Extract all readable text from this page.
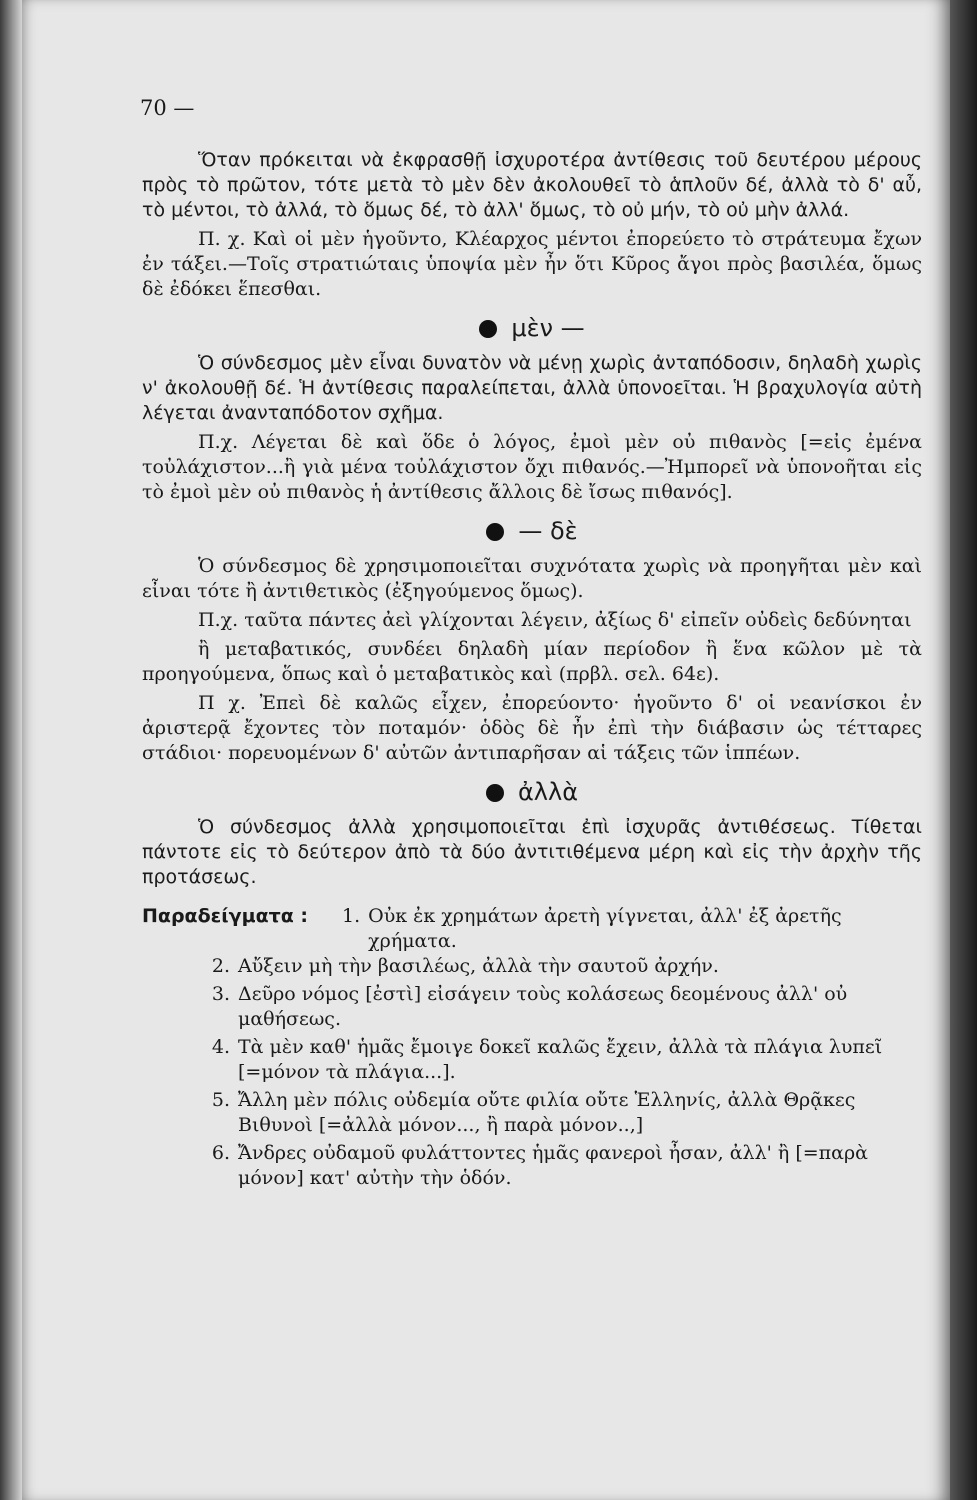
70 —

Ὅταν πρόκειται νὰ ἐκφρασθῇ ἰσχυροτέρα ἀντίθεσις τοῦ δευτέρου μέρους πρὸς τὸ πρῶτον, τότε μετὰ τὸ μὲν δὲν ἀκολουθεῖ τὸ ἁπλοῦν δέ, ἀλλὰ τὸ δ' αὖ, τὸ μέντοι, τὸ ἀλλά, τὸ ὅμως δέ, τὸ ἀλλ' ὅμως, τὸ οὐ μήν, τὸ οὐ μὴν ἀλλά.

Π. χ. Καὶ οἱ μὲν ἡγοῦντο, Κλέαρχος μέντοι ἐπορεύετο τὸ στράτευμα ἔχων ἐν τάξει.—Τοῖς στρατιώταις ὑποψία μὲν ἦν ὅτι Κῦρος ἄγοι πρὸς βασιλέα, ὅμως δὲ ἐδόκει ἕπεσθαι.

μὲν —

Ὁ σύνδεσμος μὲν εἶναι δυνατὸν νὰ μένῃ χωρὶς ἀνταπόδοσιν, δηλαδὴ χωρὶς ν' ἀκολουθῇ δέ. Ἡ ἀντίθεσις παραλείπεται, ἀλλὰ ὑπονοεῖται. Ἡ βραχυλογία αὐτὴ λέγεται ἀνανταπόδοτον σχῆμα.

Π.χ. Λέγεται δὲ καὶ ὅδε ὁ λόγος, ἐμοὶ μὲν οὐ πιθανὸς [=εἰς ἐμένα τοὐλάχιστον...ἢ γιὰ μένα τοὐλάχιστον ὄχι πιθανός.—Ἠμπορεῖ νὰ ὑπονοῆται εἰς τὸ ἐμοὶ μὲν οὐ πιθανὸς ἡ ἀντίθεσις ἄλλοις δὲ ἴσως πιθανός].

— δὲ

Ὁ σύνδεσμος δὲ χρησιμοποιεῖται συχνότατα χωρὶς νὰ προηγῆται μὲν καὶ εἶναι τότε ἢ ἀντιθετικὸς (ἐξηγούμενος ὅμως).

Π.χ. ταῦτα πάντες ἀεὶ γλίχονται λέγειν, ἀξίως δ' εἰπεῖν οὐδεὶς δεδύνηται

ἢ μεταβατικός, συνδέει δηλαδὴ μίαν περίοδον ἢ ἕνα κῶλον μὲ τὰ προηγούμενα, ὅπως καὶ ὁ μεταβατικὸς καὶ (πρβλ. σελ. 64ε).

Π χ. Ἐπεὶ δὲ καλῶς εἶχεν, ἐπορεύοντο· ἡγοῦντο δ' οἱ νεανίσκοι ἐν ἀριστερᾷ ἔχοντες τὸν ποταμόν· ὁδὸς δὲ ἦν ἐπὶ τὴν διάβασιν ὡς τέτταρες στάδιοι· πορευομένων δ' αὐτῶν ἀντιπαρῆσαν αἱ τάξεις τῶν ἱππέων.

ἀλλὰ

Ὁ σύνδεσμος ἀλλὰ χρησιμοποιεῖται ἐπὶ ἰσχυρᾶς ἀντιθέσεως. Τίθεται πάντοτε εἰς τὸ δεύτερον ἀπὸ τὰ δύο ἀντιτιθέμενα μέρη καὶ εἰς τὴν ἀρχὴν τῆς προτάσεως.

Παραδείγματα :	1. Οὐκ ἐκ χρημάτων ἀρετὴ γίγνεται, ἀλλ' ἐξ ἀρετῆς χρήματα.
2. Αὔξειν μὴ τὴν βασιλέως, ἀλλὰ τὴν σαυτοῦ ἀρχήν.
3. Δεῦρο νόμος [ἐστὶ] εἰσάγειν τοὺς κολάσεως δεομένους ἀλλ' οὐ μαθήσεως.
4. Τὰ μὲν καθ' ἡμᾶς ἔμοιγε δοκεῖ καλῶς ἔχειν, ἀλλὰ τὰ πλάγια λυπεῖ [=μόνον τὰ πλάγια...].
5. Ἄλλη μὲν πόλις οὐδεμία οὔτε φιλία οὔτε Ἑλληνίς, ἀλλὰ Θρᾷκες Βιθυνοὶ [=ἀλλὰ μόνον..., ἢ παρὰ μόνον..,]
6. Ἄνδρες οὐδαμοῦ φυλάττοντες ἡμᾶς φανεροὶ ἦσαν, ἀλλ' ἢ [=παρὰ μόνον] κατ' αὐτὴν τὴν ὁδόν.
